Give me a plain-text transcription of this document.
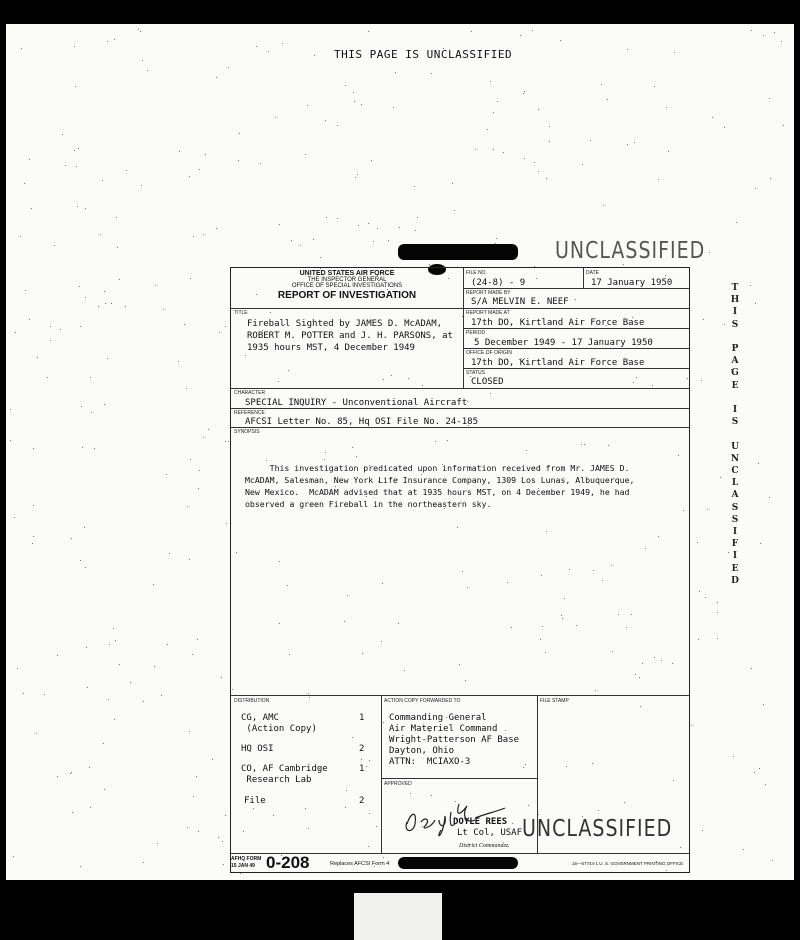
THIS PAGE IS UNCLASSIFIED
UNCLASSIFIED
T
H
I
S
P
A
G
E
I
S
U
N
C
L
A
S
S
I
F
I
E
D
UNITED STATES AIR FORCE
THE INSPECTOR GENERAL
OFFICE OF SPECIAL INVESTIGATIONS
REPORT OF INVESTIGATION
FILE NO.
(24-8) - 9
DATE
17 January 1950
REPORT MADE BY
S/A MELVIN E. NEEF
REPORT MADE AT
17th DO, Kirtland Air Force Base
PERIOD
5 December 1949 - 17 January 1950
OFFICE OF ORIGIN
17th DO, Kirtland Air Force Base
STATUS
CLOSED
TITLE
Fireball Sighted by JAMES D. McADAM,
ROBERT M. POTTER and J. H. PARSONS, at
1935 hours MST, 4 December 1949
CHARACTER
SPECIAL INQUIRY - Unconventional Aircraft
REFERENCE
AFCSI Letter No. 85, Hq OSI File No. 24-185
SYNOPSIS
This investigation predicated upon information received from Mr. JAMES D.
McADAM, Salesman, New York Life Insurance Company, 1309 Los Lunas, Albuquerque,
New Mexico.  McADAM advised that at 1935 hours MST, on 4 December 1949, he had
observed a green Fireball in the northeastern sky.
DISTRIBUTION
CG, AMC	1
(Action Copy)
HQ OSI	2
CO, AF Cambridge	1
Research Lab
File	2
ACTION COPY FORWARDED TO
Commanding General
Air Materiel Command
Wright-Patterson AF Base
Dayton, Ohio
ATTN:  MCIAXO-3
APPROVED
DOYLE REES
Lt Col, USAF
District Commander.
FILE STAMP
UNCLASSIFIED
AFHQ FORM
15 JAN 49 0-208	Replaces AFCSI Form 4	16—57744-1 U. S. GOVERNMENT PRINTING OFFICE
